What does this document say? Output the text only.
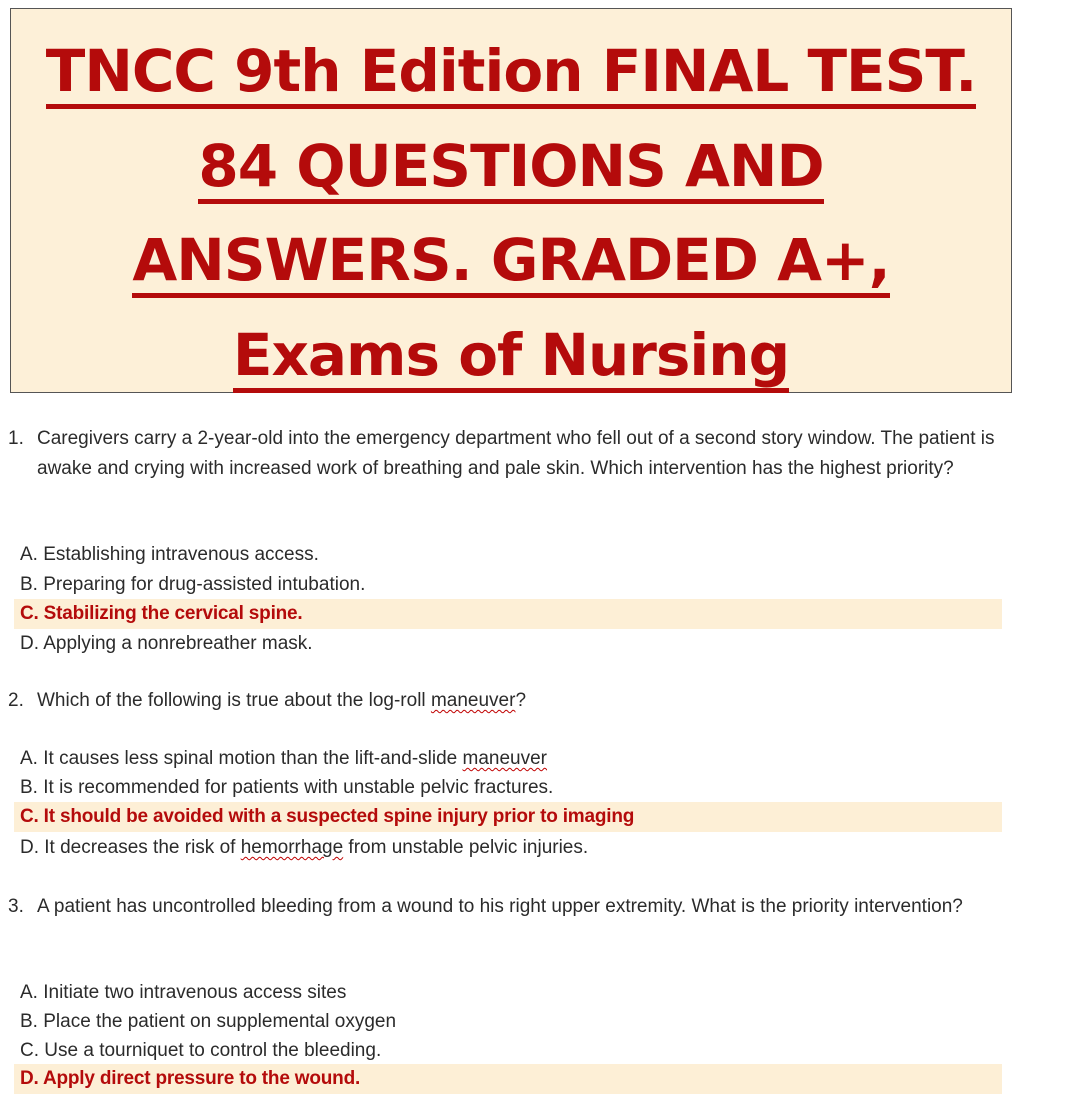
TNCC 9th Edition FINAL TEST.
84 QUESTIONS AND
ANSWERS. GRADED A+,
Exams of Nursing
1. Caregivers carry a 2-year-old into the emergency department who fell out of a second story window. The patient is awake and crying with increased work of breathing and pale skin. Which intervention has the highest priority?
A. Establishing intravenous access.
B. Preparing for drug-assisted intubation.
C. Stabilizing the cervical spine.
D. Applying a nonrebreather mask.
2. Which of the following is true about the log-roll maneuver?
A. It causes less spinal motion than the lift-and-slide maneuver
B. It is recommended for patients with unstable pelvic fractures.
C. It should be avoided with a suspected spine injury prior to imaging
D. It decreases the risk of hemorrhage from unstable pelvic injuries.
3. A patient has uncontrolled bleeding from a wound to his right upper extremity. What is the priority intervention?
A. Initiate two intravenous access sites
B. Place the patient on supplemental oxygen
C. Use a tourniquet to control the bleeding.
D. Apply direct pressure to the wound.
